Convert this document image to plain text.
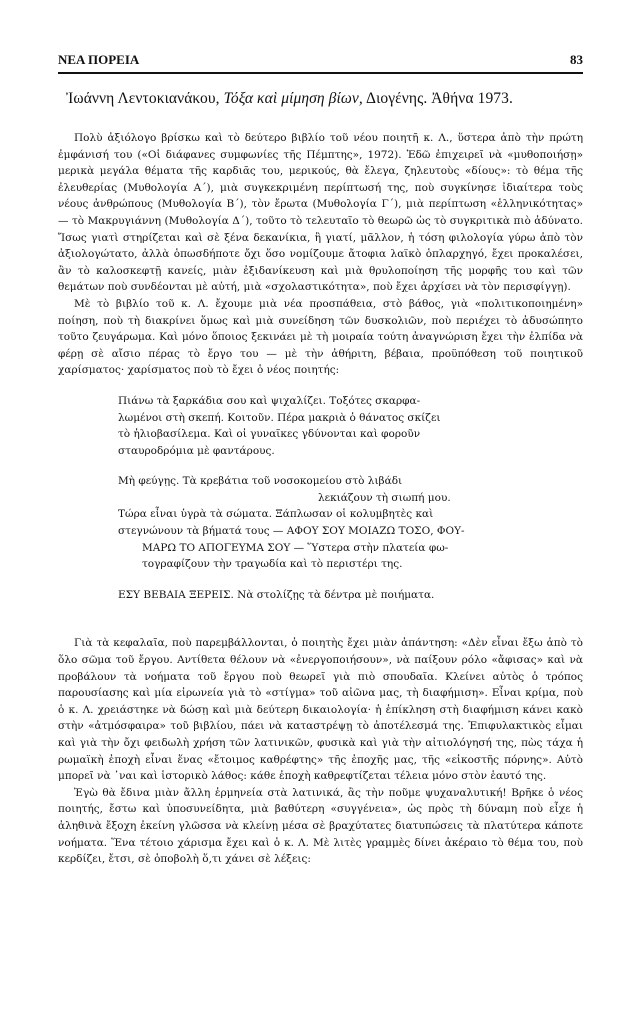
ΝΕΑ ΠΟΡΕΙΑ	83
Ἰωάννη Λεντοκιανάκου, Τόξα καὶ μίμηση βίων, Διογένης. Ἀθήνα 1973.

Πολὺ ἀξιόλογο βρίσκω καὶ τὸ δεύτερο βιβλίο τοῦ νέου ποιητῆ κ. Λ., ὕστερα ἀπὸ τὴν πρώτη ἐμφάνισή του («Οἱ διάφανες συμφωνίες τῆς Πέμπτης», 1972). Ἐδῶ ἐπιχειρεῖ νὰ «μυθοποιήσῃ» μερικὰ μεγάλα θέματα τῆς καρδιᾶς του, μερικούς, θὰ ἔλεγα, ζηλευτοὺς «δίους»: τὸ θέμα τῆς ἐλευθερίας (Μυθολογία Α΄), μιὰ συγκεκριμένη περίπτωσή της, ποὺ συγκίνησε ἰδιαίτερα τοὺς νέους ἀνθρώπους (Μυθολογία Β΄), τὸν ἔρωτα (Μυθολογία Γ΄), μιὰ περίπτωση «ἑλληνικότητας» — τὸ Μακρυγιάννη (Μυθολογία Δ΄), τοῦτο τὸ τελευταῖο τὸ θεωρῶ ὡς τὸ συγκριτικὰ πιὸ ἀδύνατο. Ἴσως γιατὶ στηρίζεται καὶ σὲ ξένα δεκανίκια, ἢ γιατί, μᾶλλον, ἡ τόση φιλολογία γύρω ἀπὸ τὸν ἀξιολογώτατο, ἀλλὰ ὁπωσδήποτε ὄχι ὅσο νομίζουμε ἄτοφια λαϊκὸ ὁπλαρχηγό, ἔχει προκαλέσει, ἂν τὸ καλοσκεφτῇ κανείς, μιὰν ἐξιδανίκευση καὶ μιὰ θρυλοποίηση τῆς μορφῆς του καὶ τῶν θεμάτων ποὺ συνδέονται μὲ αὐτή, μιὰ «σχολαστικότητα», ποὺ ἔχει ἀρχίσει νὰ τὸν περισφίγγῃ).

Μὲ τὸ βιβλίο τοῦ κ. Λ. ἔχουμε μιὰ νέα προσπάθεια, στὸ βάθος, γιὰ «πολιτικοποιημένη» ποίηση, ποὺ τὴ διακρίνει ὅμως καὶ μιὰ συνείδηση τῶν δυσκολιῶν, ποὺ περιέχει τὸ ἀδυσώπητο τοῦτο ζευγάρωμα. Καὶ μόνο ὅποιος ξεκινάει μὲ τὴ μοιραία τούτη ἀναγνώριση ἔχει τὴν ἐλπίδα νὰ φέρῃ σὲ αἴσιο πέρας τὸ ἔργο του — μὲ τὴν ἀθήριτη, βέβαια, προϋπόθεση τοῦ ποιητικοῦ χαρίσματος· χαρίσματος ποὺ τὸ ἔχει ὁ νέος ποιητής:

Πιάνω τὰ ξαρκάδια σου καὶ ψιχαλίζει. Τοξότες σκαρφα-
λωμένοι στὴ σκεπή. Κοιτοῦν. Πέρα μακριὰ ὁ θάνατος σκίζει
τὸ ἡλιοβασίλεμα. Καὶ οἱ γυναῖκες γδύνονται καὶ φοροῦν
σταυροδρόμια μὲ φαντάρους.
Μὴ φεύγῃς. Τὰ κρεβάτια τοῦ νοσοκομείου στὸ λιβάδι
λεκιάζουν τὴ σιωπή μου.
Τώρα εἶναι ὑγρὰ τὰ σώματα. Ξάπλωσαν οἱ κολυμβητὲς καὶ
στεγνώνουν τὰ βήματά τους — ΑΦΟΥ ΣΟΥ ΜΟΙΑΖΩ ΤΟΣΟ, ΦΟΥ-
ΜΑΡΩ ΤΟ ΑΠΟΓΕΥΜΑ ΣΟΥ — Ὕστερα στὴν πλατεία φω-
τογραφίζουν τὴν τραγωδία καὶ τὸ περιστέρι της.
ΕΣΥ ΒΕΒΑΙΑ ΞΕΡΕΙΣ. Νὰ στολίζῃς τὰ δέντρα μὲ ποιήματα.

Γιὰ τὰ κεφαλαῖα, ποὺ παρεμβάλλονται, ὁ ποιητὴς ἔχει μιὰν ἀπάντηση: «Δὲν εἶναι ἔξω ἀπὸ τὸ ὅλο σῶμα τοῦ ἔργου. Αντίθετα θέλουν νὰ «ἐνεργοποιήσουν», νὰ παίξουν ρόλο «ἄφισας» καὶ νὰ προβάλουν τὰ νοήματα τοῦ ἔργου ποὺ θεωρεῖ γιὰ πιὸ σπουδαῖα. Κλείνει αὐτὸς ὁ τρόπος παρουσίασης καὶ μία εἰρωνεία γιὰ τὸ «στίγμα» τοῦ αἰῶνα μας, τὴ διαφήμιση». Εἶναι κρίμα, ποὺ ὁ κ. Λ. χρειάστηκε νὰ δώσῃ καὶ μιὰ δεύτερη δικαιολογία· ἡ ἐπίκληση στὴ διαφήμιση κάνει κακὸ στὴν «ἀτμόσφαιρα» τοῦ βιβλίου, πάει νὰ καταστρέψῃ τὸ ἀποτέλεσμά της. Ἐπιφυλακτικὸς εἶμαι καὶ γιὰ τὴν ὄχι φειδωλὴ χρήση τῶν λατινικῶν, φυσικὰ καὶ γιὰ τὴν αἰτιολόγησή της, πὼς τάχα ἡ ρωμαϊκὴ ἐποχὴ εἶναι ἕνας «ἔτοιμος καθρέφτης» τῆς ἐποχῆς μας, τῆς «εἰκοστῆς πόρνης». Αὐτὸ μπορεῖ νὰ ᾽ναι καὶ ἱστορικὸ λάθος: κάθε ἐποχὴ καθρεφτίζεται τέλεια μόνο στὸν ἑαυτό της.

Ἐγὼ θὰ ἔδινα μιὰν ἄλλη ἑρμηνεία στὰ λατινικά, ἂς τὴν ποῦμε ψυχαναλυτική! Βρῆκε ὁ νέος ποιητής, ἔστω καὶ ὑποσυνείδητα, μιὰ βαθύτερη «συγγένεια», ὡς πρὸς τὴ δύναμη ποὺ εἶχε ἡ ἀληθινὰ ἔξοχη ἐκείνη γλῶσσα νὰ κλείνῃ μέσα σὲ βραχύτατες διατυπώσεις τὰ πλατύτερα κάποτε νοήματα. Ἕνα τέτοιο χάρισμα ἔχει καὶ ὁ κ. Λ. Μὲ λιτὲς γραμμὲς δίνει ἀκέραιο τὸ θέμα του, ποὺ κερδίζει, ἔτσι, σὲ ὁποβολὴ ὅ,τι χάνει σὲ λέξεις:
